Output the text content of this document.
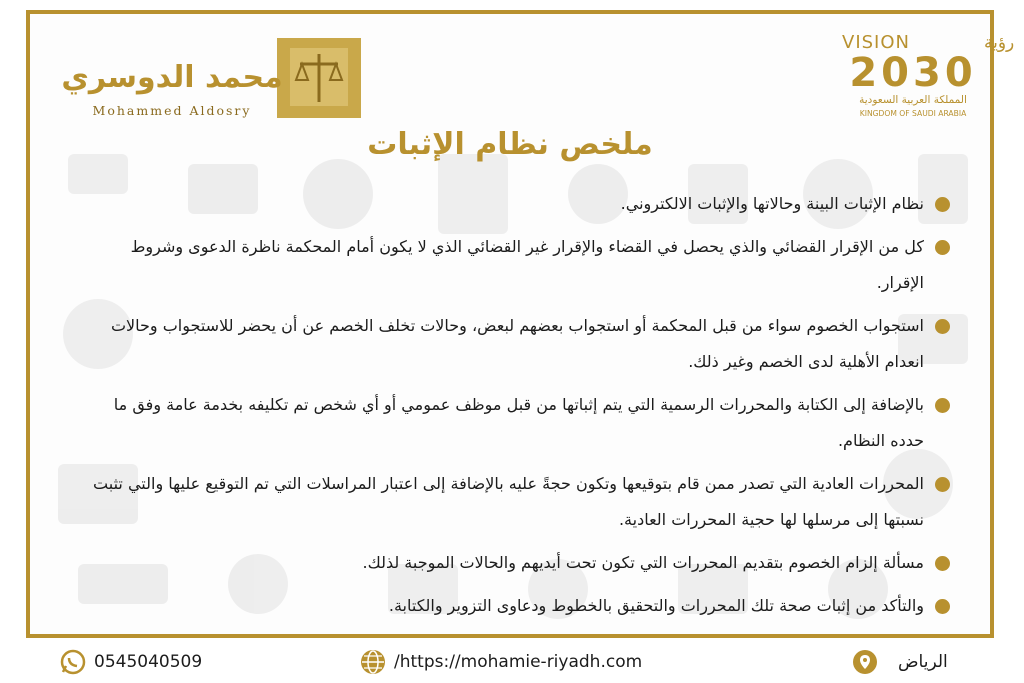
محمد الدوسري
Mohammed Aldosry
VISION	رؤية
2030
المملكة العربية السعودية
KINGDOM OF SAUDI ARABIA
ملخص نظام الإثبات
نظام الإثبات البينة وحالاتها والإثبات الالكتروني.
كل من الإقرار القضائي والذي يحصل في القضاء والإقرار غير القضائي الذي لا يكون أمام المحكمة ناظرة الدعوى وشروط الإقرار.
استجواب الخصوم سواء من قبل المحكمة أو استجواب بعضهم لبعض، وحالات تخلف الخصم عن أن يحضر للاستجواب وحالات انعدام الأهلية لدى الخصم وغير ذلك.
بالإضافة إلى الكتابة والمحررات الرسمية التي يتم إثباتها من قبل موظف عمومي أو أي شخص تم تكليفه بخدمة عامة وفق ما حدده النظام.
المحررات العادية التي تصدر ممن قام بتوقيعها وتكون حجةً عليه بالإضافة إلى اعتبار المراسلات التي تم التوقيع عليها والتي تثبت نسبتها إلى مرسلها لها حجية المحررات العادية.
مسألة إلزام الخصوم بتقديم المحررات التي تكون تحت أيديهم والحالات الموجبة لذلك.
والتأكد من إثبات صحة تلك المحررات والتحقيق بالخطوط ودعاوى التزوير والكتابة.
0545040509	/https://mohamie-riyadh.com	الرياض
